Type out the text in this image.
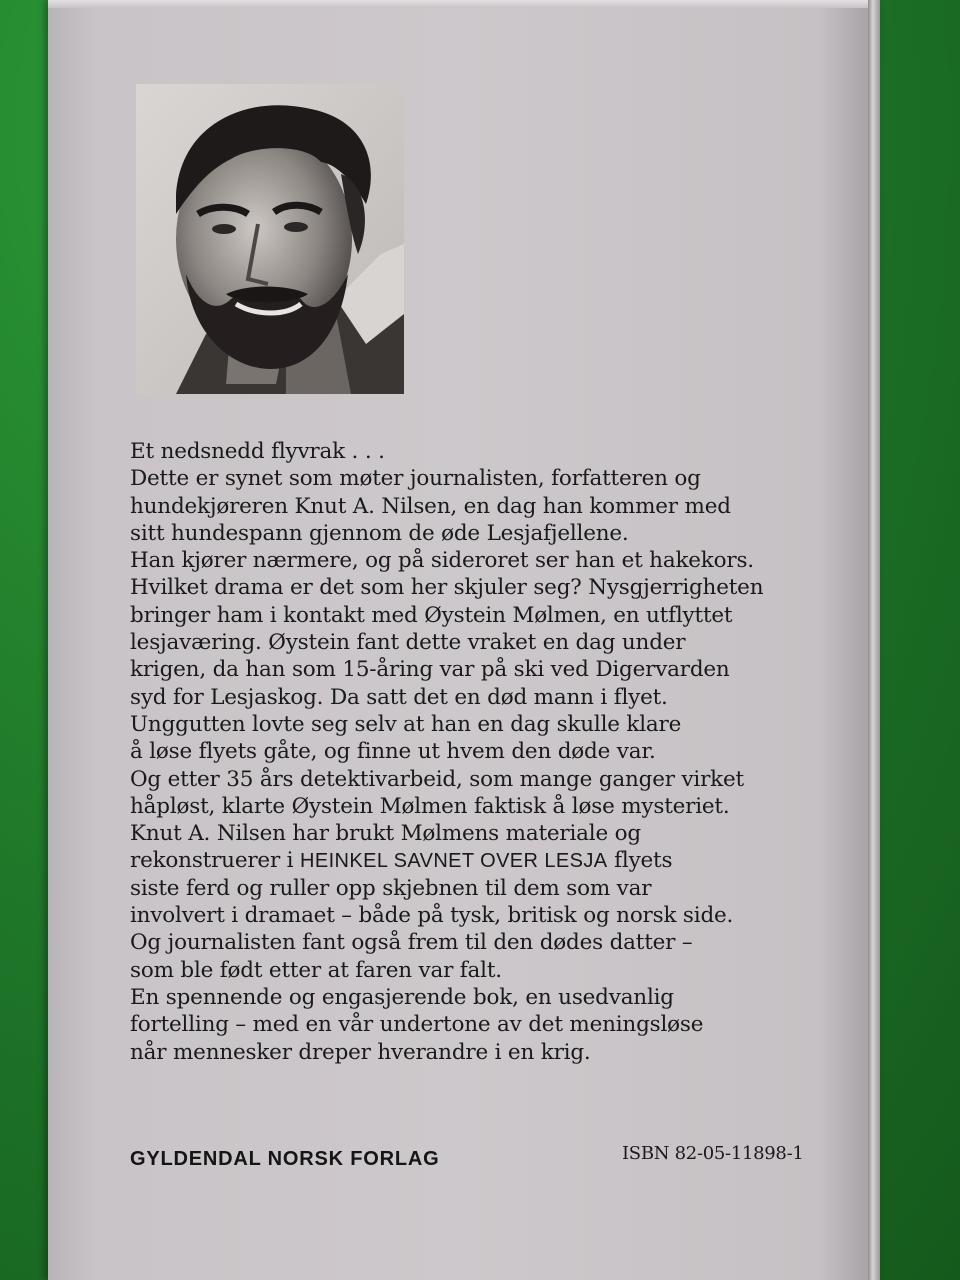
Et nedsnedd flyvrak . . .
Dette er synet som møter journalisten, forfatteren og
hundekjøreren Knut A. Nilsen, en dag han kommer med
sitt hundespann gjennom de øde Lesjafjellene.
Han kjører nærmere, og på sideroret ser han et hakekors.
Hvilket drama er det som her skjuler seg? Nysgjerrigheten
bringer ham i kontakt med Øystein Mølmen, en utflyttet
lesjaværing. Øystein fant dette vraket en dag under
krigen, da han som 15-åring var på ski ved Digervarden
syd for Lesjaskog. Da satt det en død mann i flyet.
Unggutten lovte seg selv at han en dag skulle klare
å løse flyets gåte, og finne ut hvem den døde var.
Og etter 35 års detektivarbeid, som mange ganger virket
håpløst, klarte Øystein Mølmen faktisk å løse mysteriet.
Knut A. Nilsen har brukt Mølmens materiale og
rekonstruerer i HEINKEL SAVNET OVER LESJA flyets
siste ferd og ruller opp skjebnen til dem som var
involvert i dramaet – både på tysk, britisk og norsk side.
Og journalisten fant også frem til den dødes datter –
som ble født etter at faren var falt.
En spennende og engasjerende bok, en usedvanlig
fortelling – med en vår undertone av det meningsløse
når mennesker dreper hverandre i en krig.
GYLDENDAL NORSK FORLAG	ISBN 82-05-11898-1
